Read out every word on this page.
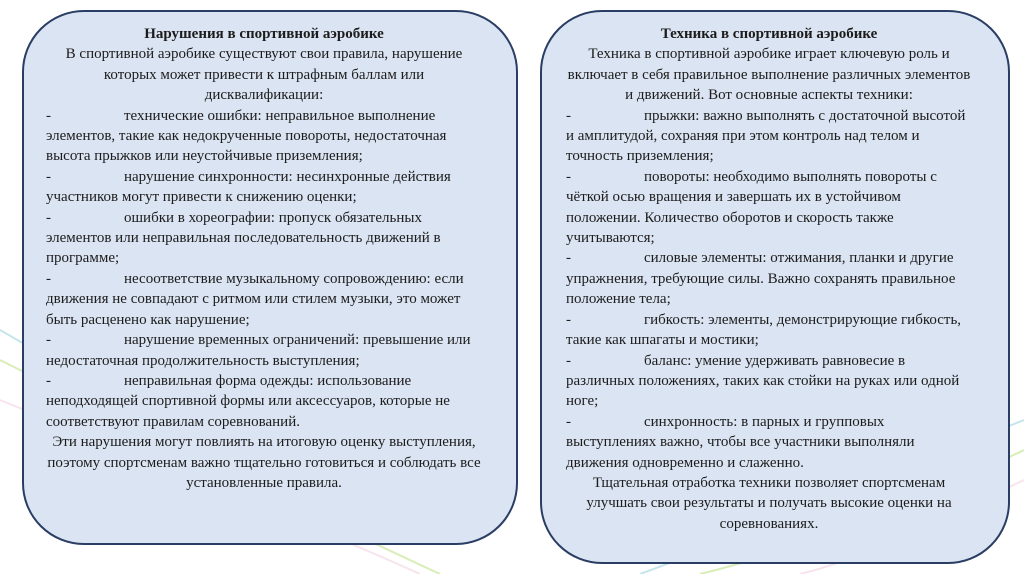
Нарушения в спортивной аэробике
В спортивной аэробике существуют свои правила, нарушение которых может привести к штрафным баллам или дисквалификации:
-	технические ошибки: неправильное выполнение элементов, такие как недокрученные повороты, недостаточная высота прыжков или неустойчивые приземления;
-	нарушение синхронности: несинхронные действия участников могут привести к снижению оценки;
-	ошибки в хореографии: пропуск обязательных элементов или неправильная последовательность движений в программе;
-	несоответствие музыкальному сопровождению: если движения не совпадают с ритмом или стилем музыки, это может быть расценено как нарушение;
-	нарушение временных ограничений: превышение или недостаточная продолжительность выступления;
-	неправильная форма одежды: использование неподходящей спортивной формы или аксессуаров, которые не соответствуют правилам соревнований.
Эти нарушения могут повлиять на итоговую оценку выступления, поэтому спортсменам важно тщательно готовиться и соблюдать все установленные правила.
Техника в спортивной аэробике
Техника в спортивной аэробике играет ключевую роль и включает в себя правильное выполнение различных элементов и движений. Вот основные аспекты техники:
-	прыжки: важно выполнять с достаточной высотой и амплитудой, сохраняя при этом контроль над телом и точность приземления;
-	повороты: необходимо выполнять повороты с чёткой осью вращения и завершать их в устойчивом положении. Количество оборотов и скорость также учитываются;
-	силовые элементы: отжимания, планки и другие упражнения, требующие силы. Важно сохранять правильное положение тела;
-	гибкость: элементы, демонстрирующие гибкость, такие как шпагаты и мостики;
-	баланс: умение удерживать равновесие в различных положениях, таких как стойки на руках или одной ноге;
-	синхронность: в парных и групповых выступлениях важно, чтобы все участники выполняли движения одновременно и слаженно.
Тщательная отработка техники позволяет спортсменам улучшать свои результаты и получать высокие оценки на соревнованиях.
